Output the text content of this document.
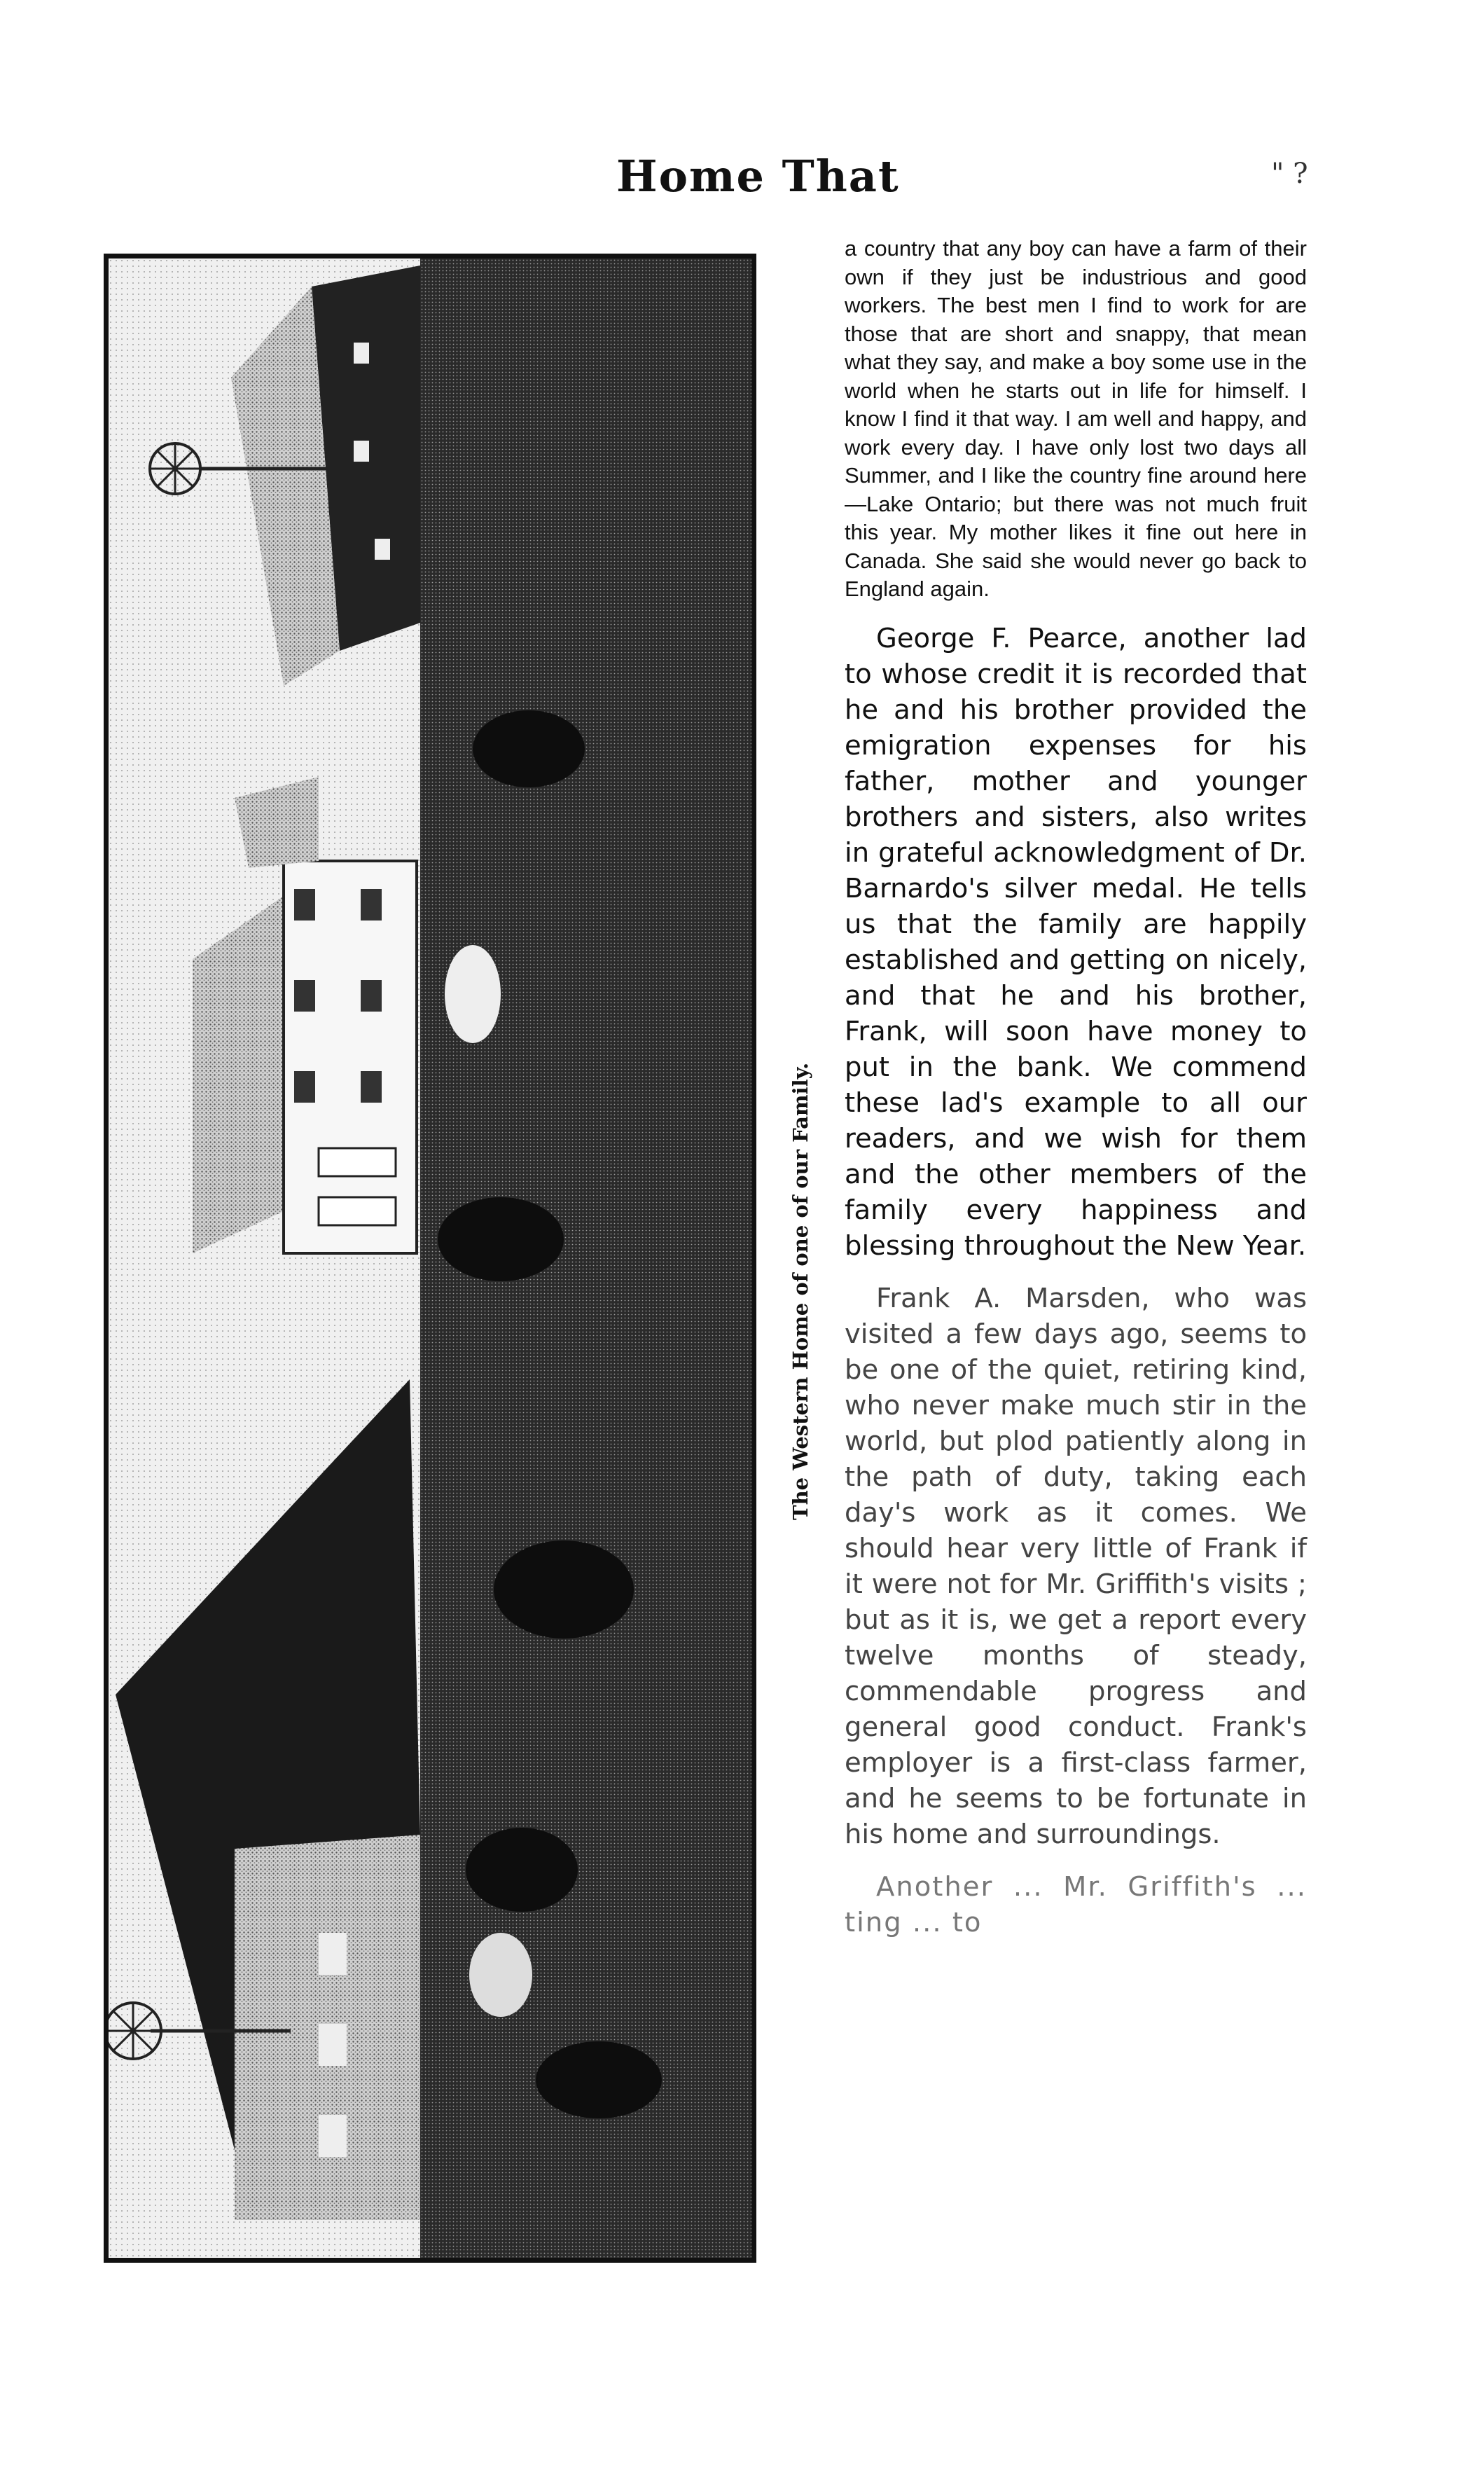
Home That	" ?
The Western Home of one of our Family.

a country that any boy can have a farm of their own if they just be industrious and good workers. The best men I find to work for are those that are short and snappy, that mean what they say, and make a boy some use in the world when he starts out in life for himself. I know I find it that way. I am well and happy, and work every day. I have only lost two days all Summer, and I like the country fine around here—Lake Ontario; but there was not much fruit this year. My mother likes it fine out here in Canada. She said she would never go back to England again.

George F. Pearce, another lad to whose credit it is recorded that he and his brother provided the emigration expenses for his father, mother and younger brothers and sisters, also writes in grateful acknowledgment of Dr. Barnardo's silver medal. He tells us that the family are happily established and getting on nicely, and that he and his brother, Frank, will soon have money to put in the bank. We commend these lad's example to all our readers, and we wish for them and the other members of the family every happiness and blessing throughout the New Year.

Frank A. Marsden, who was visited a few days ago, seems to be one of the quiet, retiring kind, who never make much stir in the world, but plod patiently along in the path of duty, taking each day's work as it comes. We should hear very little of Frank if it were not for Mr. Griffith's visits ; but as it is, we get a report every twelve months of steady, commendable progress and general good conduct. Frank's employer is a first-class farmer, and he seems to be fortunate in his home and surroundings.

Another ... Mr. Griffith's ... ting ... to
